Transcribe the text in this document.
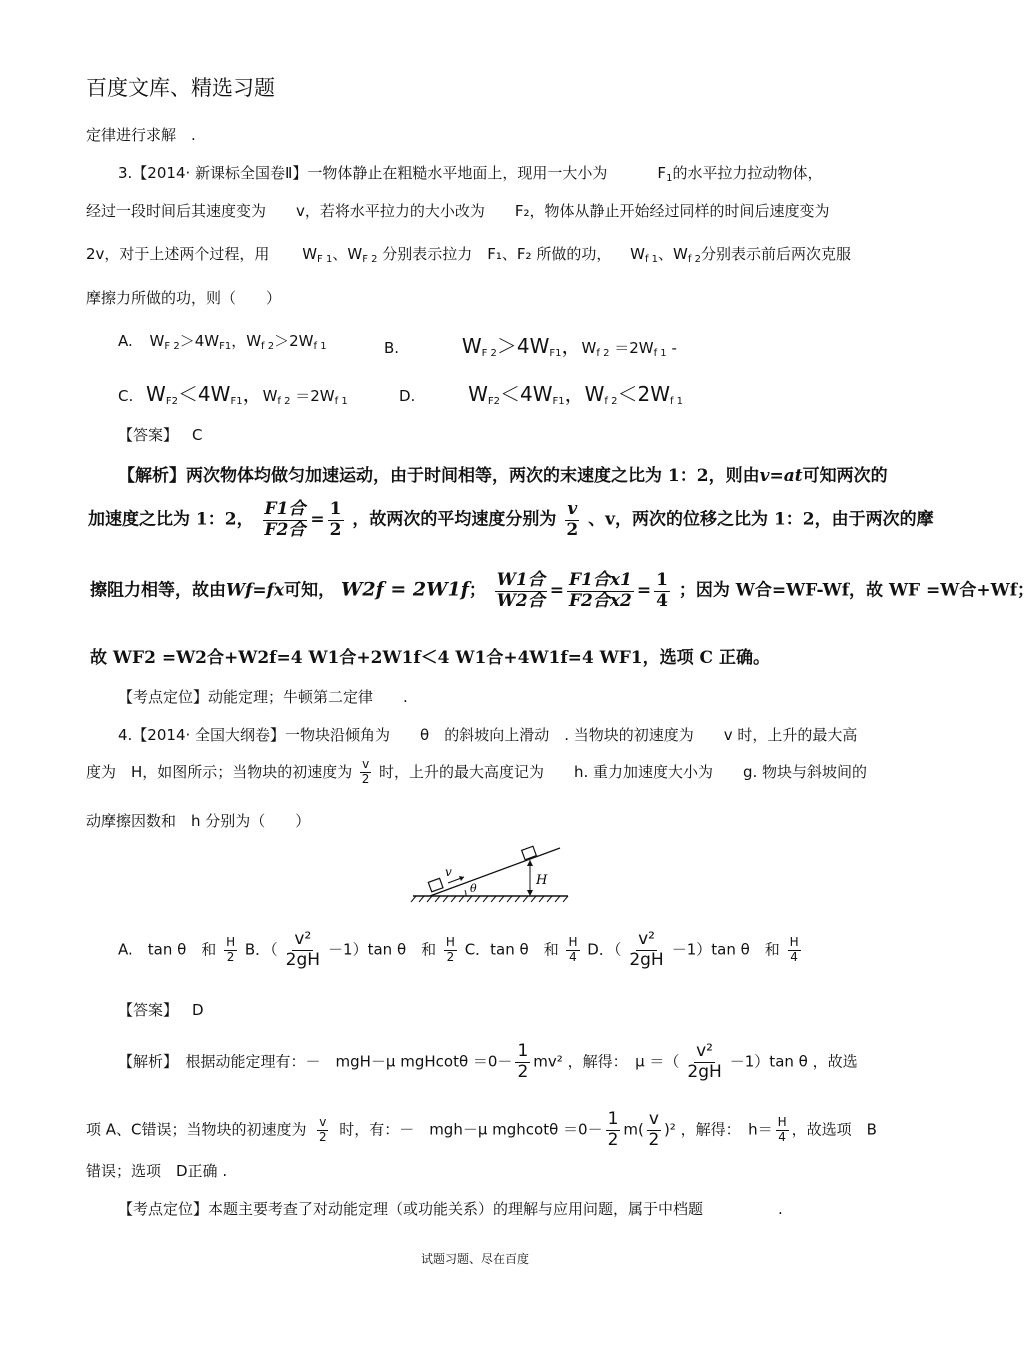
百度文库、精选习题
定律进行求解　.
3.【2014· 新课标全国卷Ⅱ】一物体静止在粗糙水平地面上，现用一大小为	$F_1$的水平拉力拉动物体，
经过一段时间后其速度变为　　v，若将水平拉力的大小改为　　F₂，物体从静止开始经过同样的时间后速度变为
2v，对于上述两个过程，用 $W_{F 1}$、$W_{F 2}$ 分别表示拉力　F₁、F₂ 所做的功， $W_{f 1}$、$W_{f 2}$分别表示前后两次克服
摩擦力所做的功，则（　　）
A. $W_{F 2}>4W_{F1}$，$W_{f 2}>2W_{f 1}$	B.	$W_{F 2}>4W_{F1}$，$W_{f 2} =2W_{f 1}$ -
C. $W_{F2}<4W_{F1}$，$W_{f 2} =2W_{f 1}$	D.	$W_{F2}<4W_{F1}$，$W_{f 2}<2W_{f 1}$
【答案】 C
【解析】两次物体均做匀加速运动，由于时间相等，两次的末速度之比为 1：2，则由v=at可知两次的
加速度之比为 1：2， $\frac{\text{F1合}}{\text{F2合}} = \frac{1}{2}$ ，故两次的平均速度分别为 $\frac{v}{2}$ 、v，两次的位移之比为 1：2，由于两次的摩
擦阻力相等，故由Wf=fx可知， W2f = 2W1f； $\frac{\text{W1合}}{\text{W2合}} = \frac{\text{F1合x1}}{\text{F2合x2}} = \frac{1}{4}$ ；因为 W合=WF-Wf，故 WF =W合+Wf；
故 WF2 =W2合+W2f=4 W1合+2W1f＜4 W1合+4W1f=4 WF1，选项 C 正确。
【考点定位】动能定理；牛顿第二定律　　.
4.【2014· 全国大纲卷】一物块沿倾角为　　θ　的斜坡向上滑动　. 当物块的初速度为　　v 时，上升的最大高
度为　H，如图所示；当物块的初速度为 $\frac{v}{2}$ 时，上升的最大高度记为　　h. 重力加速度大小为　　g. 物块与斜坡间的
动摩擦因数和　h 分别为（　　）
v
θ
H
A.　tan θ　和 $\frac{H}{2}$ B．（ $\frac{\text{v²}}{2gH} -1)\tan$ θ　和 $\frac{H}{2}$ C．tan θ　和 $\frac{H}{4}$ D．（ $\frac{\text{v²}}{2gH} -1)\tan$ θ　和 $\frac{H}{4}$
【答案】 D
【解析】　根据动能定理有：－　mgH－μ $mgHcot\theta =0- \frac{1}{2} mv^2$ ，解得：　μ ＝（ $\frac{\text{v²}}{2gH} -1)\tan$ θ ，故选
项 A、C错误；当物块的初速度为 $\frac{v}{2}$ 时，有：－　mgh－μ $mghcot\theta =0- \frac{1}{2} m( \frac{v}{2} )^2$ ，解得：　$h= \frac{H}{4}$ ，故选项　B
错误；选项　D正确 .
【考点定位】本题主要考查了对动能定理（或功能关系）的理解与应用问题，属于中档题　　　　　.
试题习题、尽在百度
